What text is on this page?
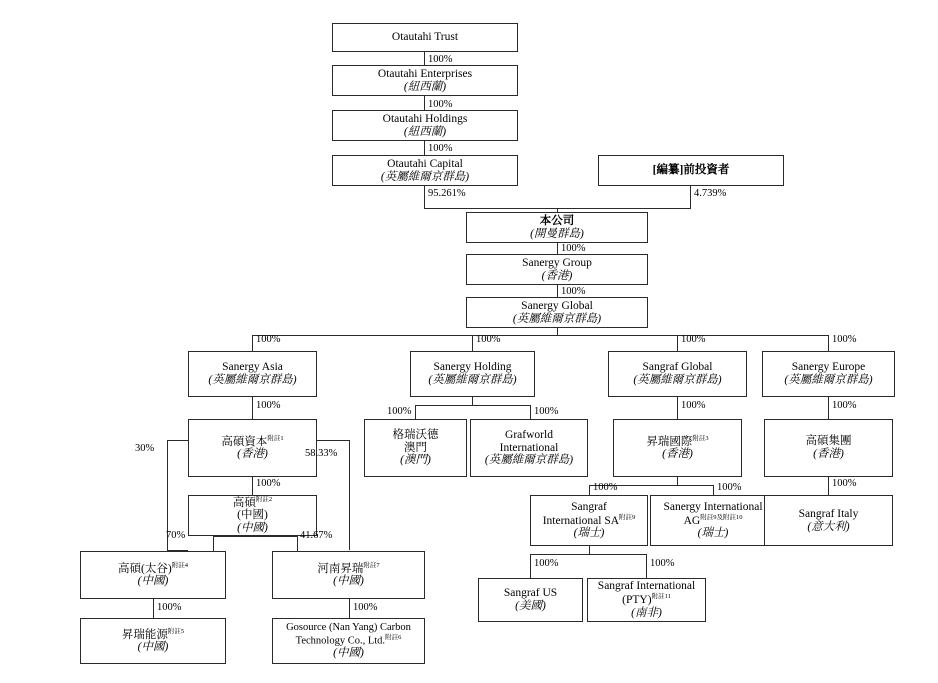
Otautahi Trust
Otautahi Enterprises
(紐西蘭)
Otautahi Holdings
(紐西蘭)
Otautahi Capital
(英屬維爾京群島)
[編纂]前投資者
本公司
(開曼群島)
Sanergy Group
(香港)
Sanergy Global
(英屬維爾京群島)
Sanergy Asia
(英屬維爾京群島)
Sanergy Holding
(英屬維爾京群島)
Sangraf Global
(英屬維爾京群島)
Sanergy Europe
(英屬維爾京群島)
高碩資本$^{附註1}$
(香港)
格瑞沃德
澳門
(澳門)
Grafworld
International
(英屬維爾京群島)
昇瑞國際$^{附註3}$
(香港)
高碩集團
(香港)
高碩$^{附註2}$
(中國)
(中國)
Sangraf
International $SA^{附註9}$
(瑞士)
Sanergy International
$AG^{附註9及附註10}$
(瑞士)
Sangraf Italy
(意大利)
高碩(太谷)$^{附註4}$
(中國)
河南昇瑞$^{附註7}$
(中國)
Sangraf US
(美國)
Sangraf International
(PTY)$^{附註11}$
(南非)
昇瑞能源$^{附註5}$
(中國)
Gosource (Nan Yang) Carbon
Technology Co., Ltd.$^{附註6}$
(中國)
100%
100%
100%
95.261%	4.739%
100%
100%
100%	100%	100%	100%
100%
100%	100%
100%	100%
30%	58.33%
100%
70%	41.67%
100%	100%
100%	100%	100%
100%	100%
